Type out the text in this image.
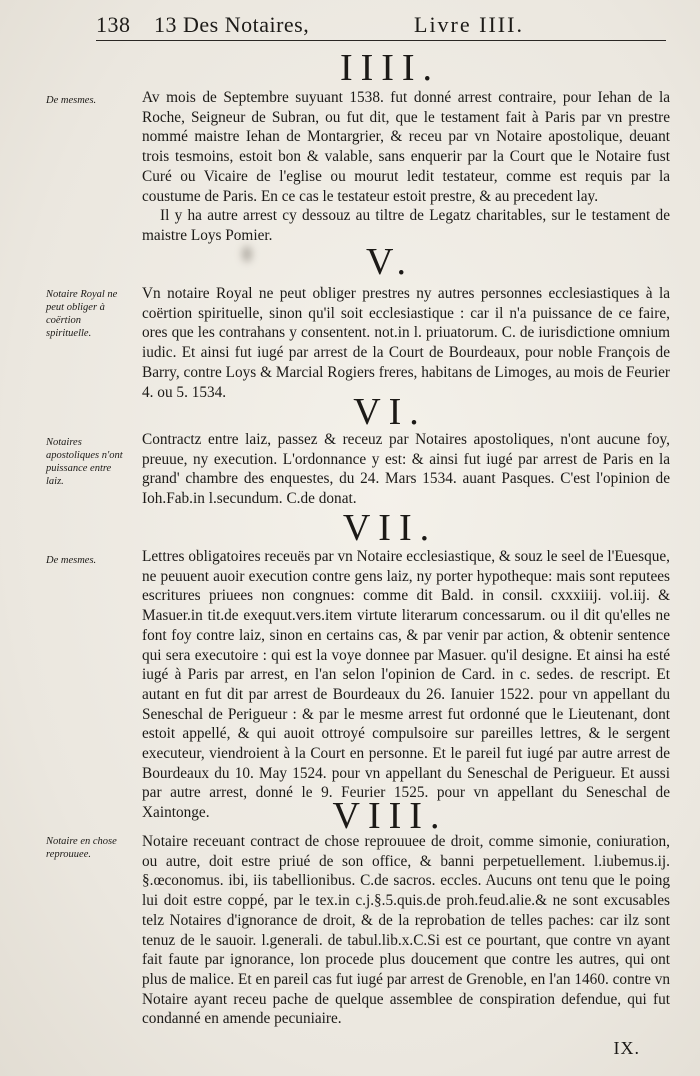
138 13 Des Notaires,	Livre IIII.
IIII.
De mesmes.	Av mois de Septembre suyuant 1538. fut donné arrest contraire, pour Iehan de la Roche, Seigneur de Subran, ou fut dit, que le testament fait à Paris par vn prestre nommé maistre Iehan de Montargrier, & receu par vn Notaire apostolique, deuant trois tesmoins, estoit bon & valable, sans enquerir par la Court que le Notaire fust Curé ou Vicaire de l'eglise ou mourut ledit testateur, comme est requis par la coustume de Paris. En ce cas le testateur estoit prestre, & au precedent lay.

Il y ha autre arrest cy dessouz au tiltre de Legatz charitables, sur le testament de maistre Loys Pomier.

V.
Notaire Royal ne peut obliger à coërtion spirituelle.

Vn notaire Royal ne peut obliger prestres ny autres personnes ecclesiastiques à la coërtion spirituelle, sinon qu'il soit ecclesiastique : car il n'a puissance de ce faire, ores que les contrahans y consentent. not.in l. priuatorum. C. de iurisdictione omnium iudic. Et ainsi fut iugé par arrest de la Court de Bourdeaux, pour noble François de Barry, contre Loys & Marcial Rogiers freres, habitans de Limoges, au mois de Feurier 4. ou 5. 1534.	VI.
Notaires apostoliques n'ont puissance entre laiz.

Contractz entre laiz, passez & receuz par Notaires apostoliques, n'ont aucune foy, preuue, ny execution. L'ordonnance y est: & ainsi fut iugé par arrest de Paris en la grand' chambre des enquestes, du 24. Mars 1534. auant Pasques. C'est l'opinion de Ioh.Fab.in l.secundum. C.de donat.

VII.
De mesmes.	Lettres obligatoires receuës par vn Notaire ecclesiastique, & souz le seel de l'Euesque, ne peuuent auoir execution contre gens laiz, ny porter hypotheque: mais sont reputees escritures priuees non congnues: comme dit Bald. in consil. cxxxiiij. vol.iij. & Masuer.in tit.de exequut.vers.item virtute literarum concessarum. ou il dit qu'elles ne font foy contre laiz, sinon en certains cas, & par venir par action, & obtenir sentence qui sera executoire : qui est la voye donnee par Masuer. qu'il designe. Et ainsi ha esté iugé à Paris par arrest, en l'an selon l'opinion de Card. in c. sedes. de rescript. Et autant en fut dit par arrest de Bourdeaux du 26. Ianuier 1522. pour vn appellant du Seneschal de Perigueur : & par le mesme arrest fut ordonné que le Lieutenant, dont estoit appellé, & qui auoit ottroyé compulsoire sur pareilles lettres, & le sergent executeur, viendroient à la Court en personne. Et le pareil fut iugé par autre arrest de Bourdeaux du 10. May 1524. pour vn appellant du Seneschal de Perigueur. Et aussi par autre arrest, donné le 9. Feurier 1525. pour vn appellant du Seneschal de Xaintonge.	VIII.
Notaire en chose reprouuee.

Notaire receuant contract de chose reprouuee de droit, comme simonie, coniuration, ou autre, doit estre priué de son office, & banni perpetuellement. l.iubemus.ij. §.œconomus. ibi, iis tabellionibus. C.de sacros. eccles. Aucuns ont tenu que le poing lui doit estre coppé, par le tex.in c.j.§.5.quis.de proh.feud.alie.& ne sont excusables telz Notaires d'ignorance de droit, & de la reprobation de telles paches: car ilz sont tenuz de le sauoir. l.generali. de tabul.lib.x.C.Si est ce pourtant, que contre vn ayant fait faute par ignorance, lon procede plus doucement que contre les autres, qui ont plus de malice. Et en pareil cas fut iugé par arrest de Grenoble, en l'an 1460. contre vn Notaire ayant receu pache de quelque assemblee de conspiration defendue, qui fut condanné en amende pecuniaire.

IX.
